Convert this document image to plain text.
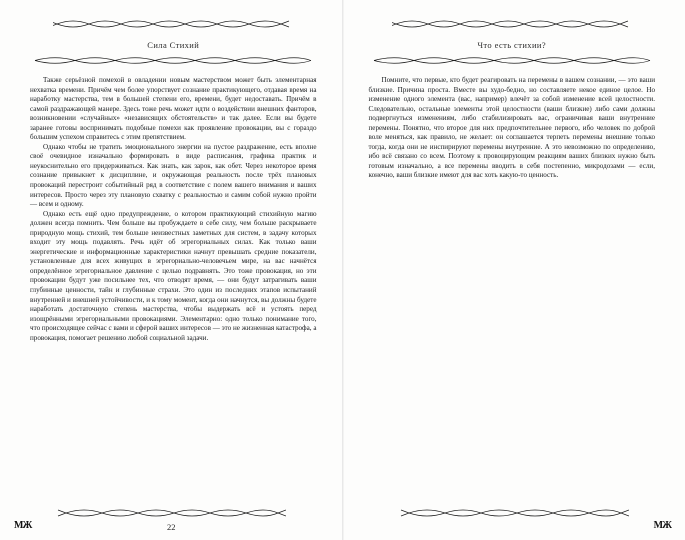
Сила Стихий

Также серьёзной помехой в овладении новым мастерством может быть элементарная нехватка времени. Причём чем более упорствует сознание практикующего, отдавая время на наработку мастерства, тем в большей степени его, времени, будет недоставать. Причём в самой раздражающей манере. Здесь тоже речь может идти о воздействии внешних фанторов, возникновении «случайных» «независящих обстоятельств» и так далее. Если вы будете заранее готовы воспринимать подобные помехи как проявление провокации, вы с гораздо большим успехом справитесь с этим препятствием.

Однако чтобы не тратить эмоционального энергии на пустое раздражение, есть вполне своё очевидное изначально формировать в виде расписания, графика практик и неукоснительно его придерживаться. Как знать, как зарок, как обет. Через некоторое время сознание привыкнет к дисциплине, и окружающая реальность после трёх плановых провокаций перестроит событийный ряд в соответствие с полем вашего внимания и ваших интересов. Просто через эту плановую схватку с реальностью и самим собой нужно пройти — всем и одному.

Однако есть ещё одно предупреждение, о котором практикующий стихийную магию должен всегда помнить. Чем больше вы пробуждаете в себе силу, чем больше раскрываете природную мощь стихий, тем больше неизвестных заметных для систем, в задачу которых входит эту мощь подавлять. Речь идёт об эгрегориальных силах. Как только ваши энергетические и информационные характеристики начнут превышать средние показатели, установленные для всех живущих в эгрегориально-человечьем мире, на вас начнётся определённое эгрегориальное давление с целью подравнять. Это тоже провокация, но эти провокации будут уже посильнее тех, что отводят время, — они будут затрагивать ваши глубинные ценности, тайн и глубинные страхи. Это один из последних этапов испытаний внутренней и внешней устойчивости, и к тому момент, когда они начнутся, вы должны будете наработать достаточную степень мастерства, чтобы выдержать всё и устоять перед изощрёнными эгрегориальными провокациями. Элементарно: одно только понимание того, что происходящее сейчас с вами и сферой ваших интересов — это не жизненная катастрофа, а провокация, помогает решению любой социальной задачи.

МЖ	22
Что есть стихии?

Помните, что первые, кто будет реагировать на перемены в вашем сознании, — это ваши близкие. Причина проста. Вместе вы худо-бедно, но составляете некое единое целое. Но изменение одного элемента (вас, например) влечёт за собой изменение всей целостности. Следовательно, остальные элементы этой целостности (ваши близкие) либо сами должны подвергнуться изменениям, либо стабилизировать вас, ограничивая ваши внутренние перемены. Понятно, что второе для них предпочтительнее первого, ибо человек по доброй воле меняться, как правило, не желает: он соглашается терпеть перемены внешние только тогда, когда они не инспирируют перемены внутренние. А это невозможно по определению, ибо всё связано со всем. Поэтому к провоцирующим реакциям ваших близких нужно быть готовым изначально, а все перемены вводить в себя постепенно, микродозами — если, конечно, ваши близкие имеют для вас хоть какую-то ценность.

МЖ
